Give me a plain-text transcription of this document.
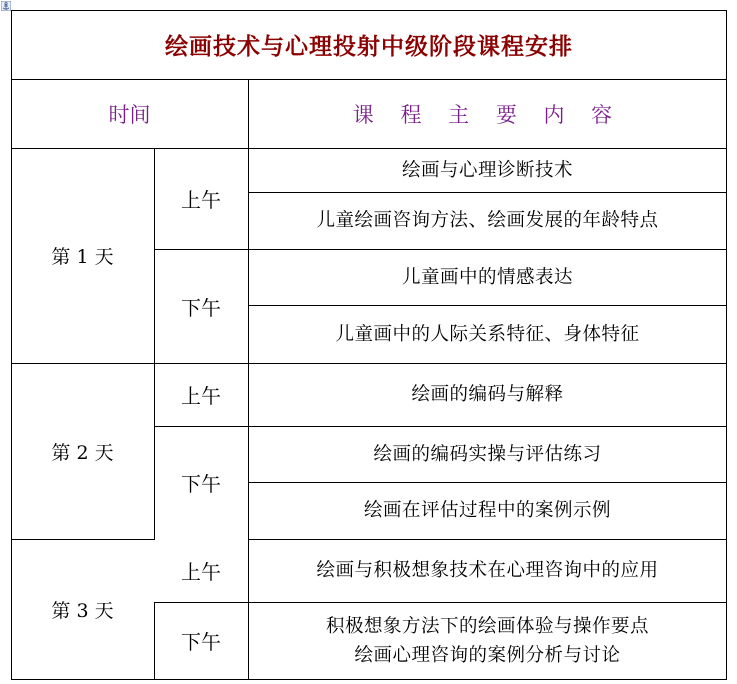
绘画技术与心理投射中级阶段课程安排
时间	课 程 主 要 内 容
第 1 天
第 2 天
第 3 天
上午
下午
上午
下午
上午
下午
绘画与心理诊断技术
儿童绘画咨询方法、绘画发展的年龄特点
儿童画中的情感表达
儿童画中的人际关系特征、身体特征
绘画的编码与解释
绘画的编码实操与评估练习
绘画在评估过程中的案例示例
绘画与积极想象技术在心理咨询中的应用
积极想象方法下的绘画体验与操作要点
绘画心理咨询的案例分析与讨论
